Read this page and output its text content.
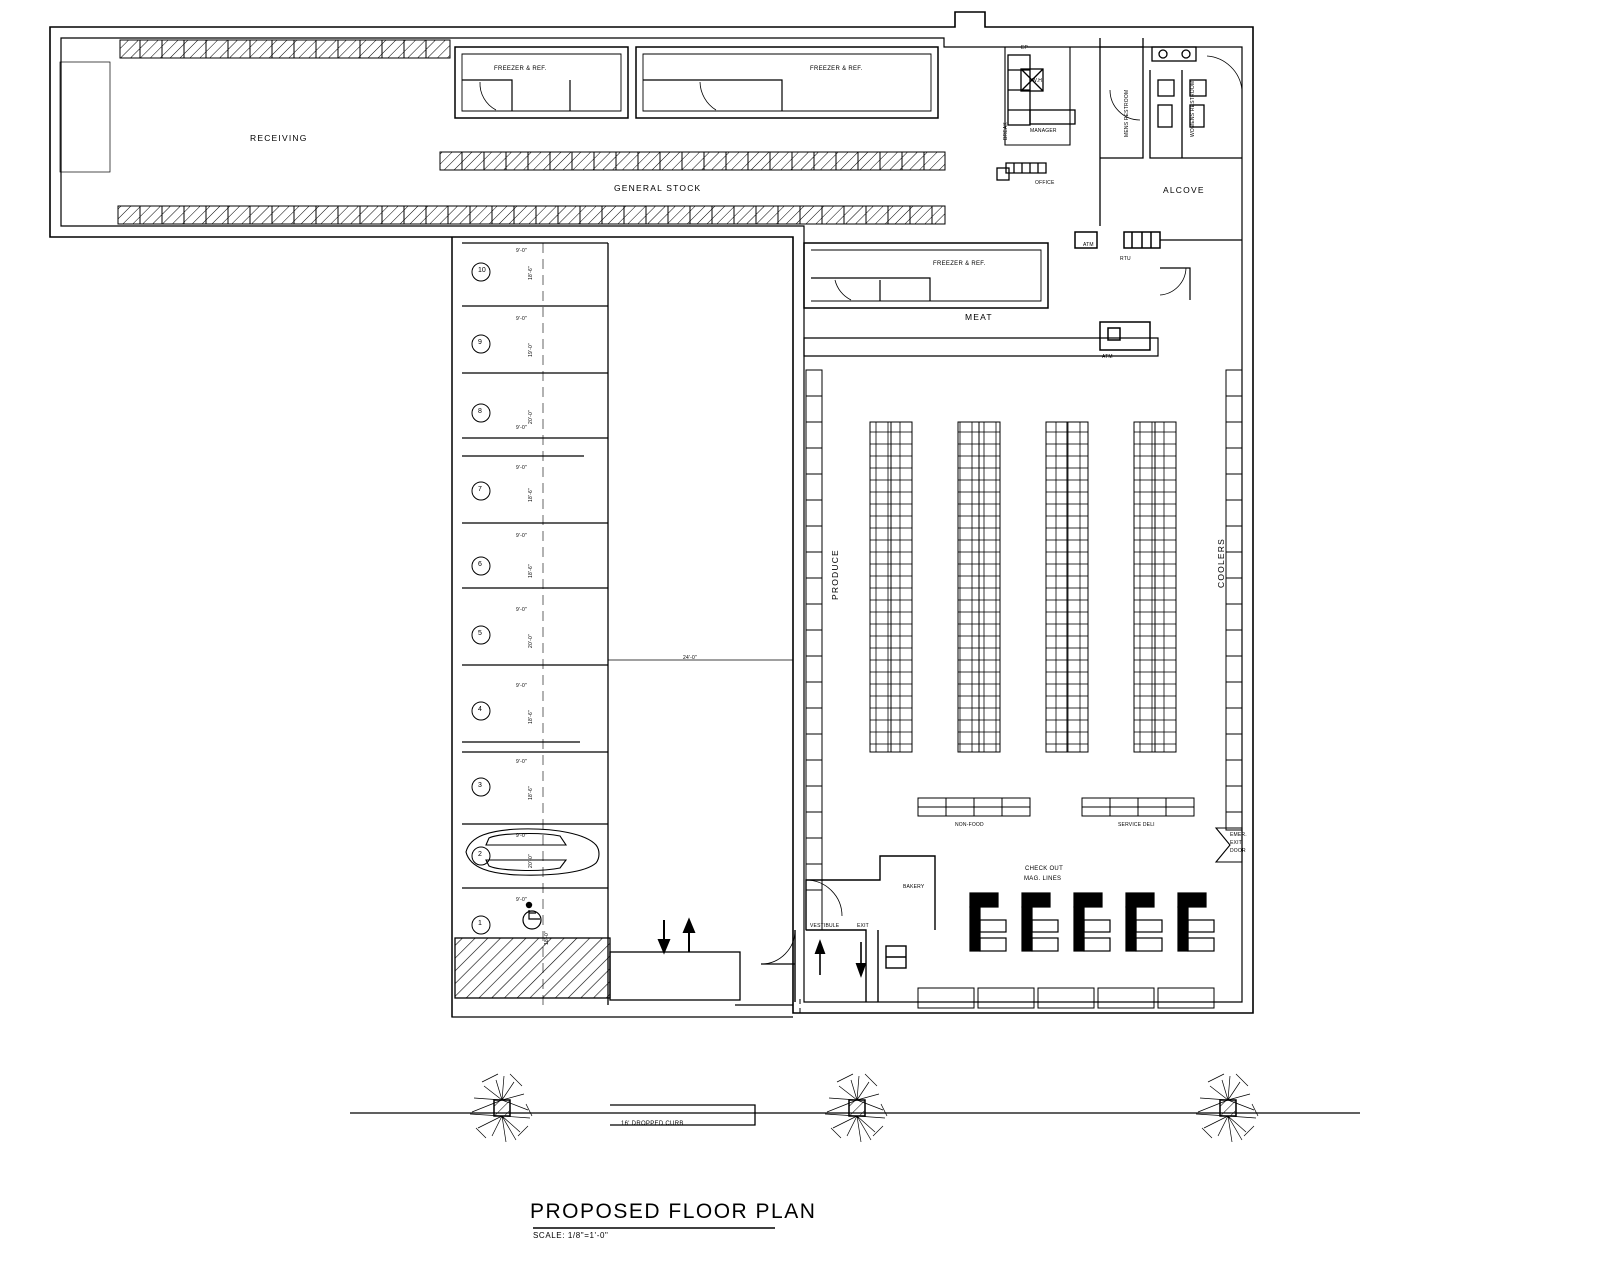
RECEIVING
GENERAL STOCK
FREEZER & REF.	FREEZER & REF.
FREEZER & REF.
MEAT
PRODUCE	COOLERS
ALCOVE
CHECK OUT
MAG. LINES
MENS RESTROOM	WOMENS RESTROOM
BREAK	MANAGER
OFFICE
W.H.
EP
ATM
RTU
ATM
NON-FOOD	SERVICE DELI
EMER.
EXIT
DOOR
BAKERY
VESTIBULE	EXIT
10
9
8
7
6
5
4
3
2
1
9'-0"
9'-0"
9'-0"
9'-0"
9'-0"
9'-0"
9'-0"
9'-0"
9'-0"
9'-0"
18'-6"
19'-0"
20'-0"
18'-6"
18'-6"
20'-0"
18'-6"
18'-6"
20'-0"
18'-0"
24'-0"
16' DROPPED CURB
PROPOSED FLOOR PLAN
SCALE: 1/8"=1'-0"
